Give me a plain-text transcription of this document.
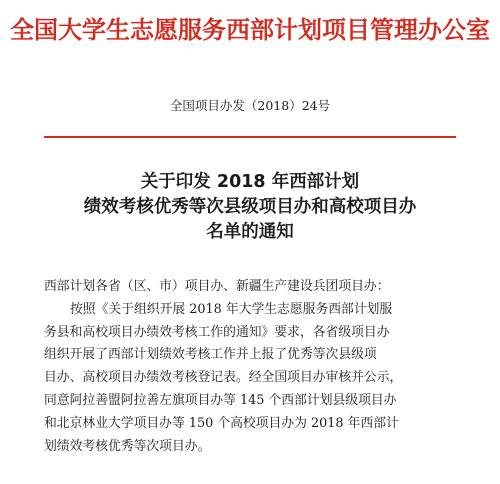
全国大学生志愿服务西部计划项目管理办公室
全国项目办发（2018）24号
关于印发 2018 年西部计划
绩效考核优秀等次县级项目办和高校项目办
名单的通知

西部计划各省（区、市）项目办、新疆生产建设兵团项目办：

按照《关于组织开展 2018 年大学生志愿服务西部计划服

务县和高校项目办绩效考核工作的通知》要求，各省级项目办

组织开展了西部计划绩效考核工作并上报了优秀等次县级项

目办、高校项目办绩效考核登记表。经全国项目办审核并公示，

同意阿拉善盟阿拉善左旗项目办等 145 个西部计划县级项目办

和北京林业大学项目办等 150 个高校项目办为 2018 年西部计

划绩效考核优秀等次项目办。
